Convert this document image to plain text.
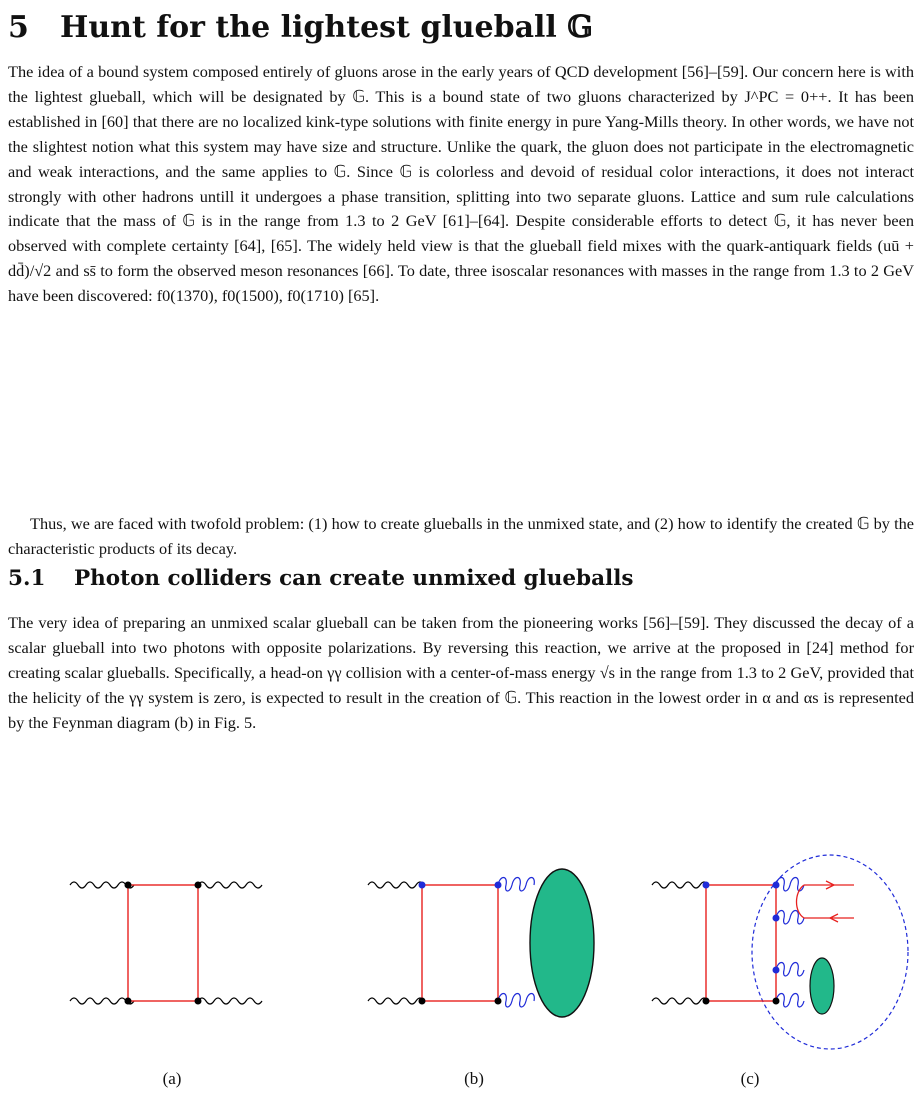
5 Hunt for the lightest glueball 𝔾

The idea of a bound system composed entirely of gluons arose in the early years of QCD development [56]–[59]. Our concern here is with the lightest glueball, which will be designated by 𝔾. This is a bound state of two gluons characterized by J^PC = 0++. It has been established in [60] that there are no localized kink-type solutions with finite energy in pure Yang-Mills theory. In other words, we have not the slightest notion what this system may have size and structure. Unlike the quark, the gluon does not participate in the electromagnetic and weak interactions, and the same applies to 𝔾. Since 𝔾 is colorless and devoid of residual color interactions, it does not interact strongly with other hadrons untill it undergoes a phase transition, splitting into two separate gluons. Lattice and sum rule calculations indicate that the mass of 𝔾 is in the range from 1.3 to 2 GeV [61]–[64]. Despite considerable efforts to detect 𝔾, it has never been observed with complete certainty [64], [65]. The widely held view is that the glueball field mixes with the quark-antiquark fields (uū + dd̄)/√2 and ss̄ to form the observed meson resonances [66]. To date, three isoscalar resonances with masses in the range from 1.3 to 2 GeV have been discovered: f0(1370), f0(1500), f0(1710) [65].

Thus, we are faced with twofold problem: (1) how to create glueballs in the unmixed state, and (2) how to identify the created 𝔾 by the characteristic products of its decay.

5.1 Photon colliders can create unmixed glueballs

The very idea of preparing an unmixed scalar glueball can be taken from the pioneering works [56]–[59]. They discussed the decay of a scalar glueball into two photons with opposite polarizations. By reversing this reaction, we arrive at the proposed in [24] method for creating scalar glueballs. Specifically, a head-on γγ collision with a center-of-mass energy √s in the range from 1.3 to 2 GeV, provided that the helicity of the γγ system is zero, is expected to result in the creation of 𝔾. This reaction in the lowest order in α and αs is represented by the Feynman diagram (b) in Fig. 5.

(a)	(b)	(c)
